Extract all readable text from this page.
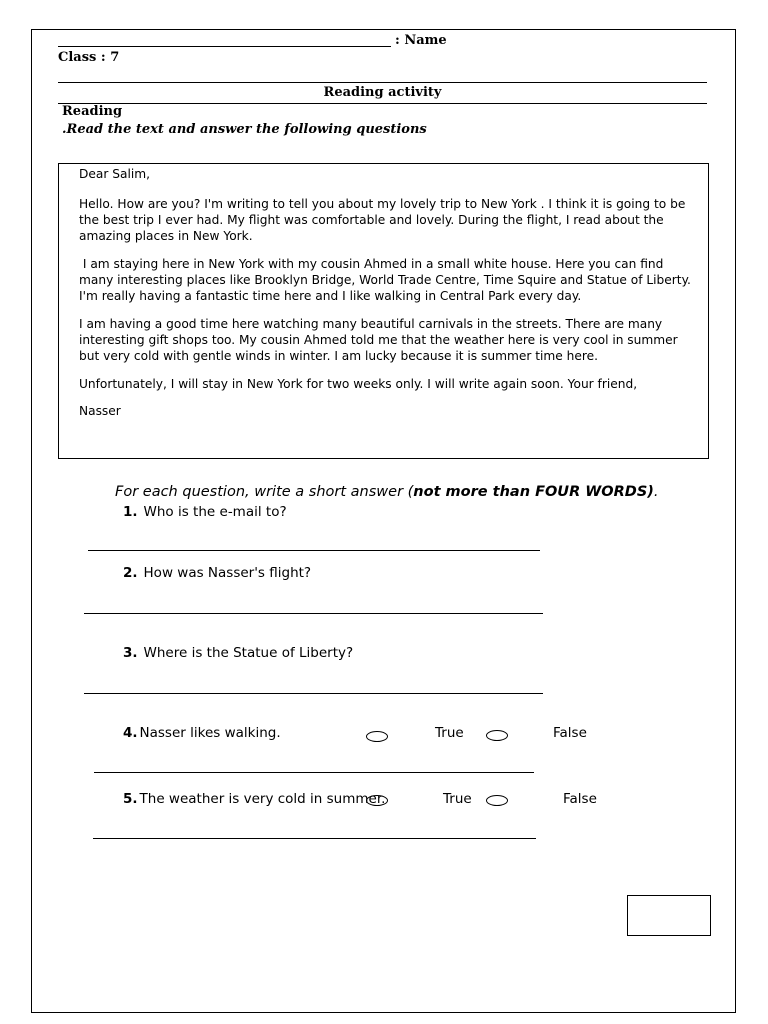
: Name
Class : 7
Reading activity
Reading
.Read the text and answer the following questions

Dear Salim,

Hello. How are you? I'm writing to tell you about my lovely trip to New York . I think it is going to be the best trip I ever had. My flight was comfortable and lovely. During the flight, I read about the amazing places in New York.

I am staying here in New York with my cousin Ahmed in a small white house. Here you can find many interesting places like Brooklyn Bridge, World Trade Centre, Time Squire and Statue of Liberty. I'm really having a fantastic time here and I like walking in Central Park every day.

I am having a good time here watching many beautiful carnivals in the streets. There are many interesting gift shops too. My cousin Ahmed told me that the weather here is very cool in summer but very cold with gentle winds in winter. I am lucky because it is summer time here.

Unfortunately, I will stay in New York for two weeks only. I will write again soon. Your friend,

Nasser

For each question, write a short answer (not more than FOUR WORDS).
1. Who is the e-mail to?
2. How was Nasser's flight?
3. Where is the Statue of Liberty?
4. Nasser likes walking.	True	False
5. The weather is very cold in summer.	True	False
